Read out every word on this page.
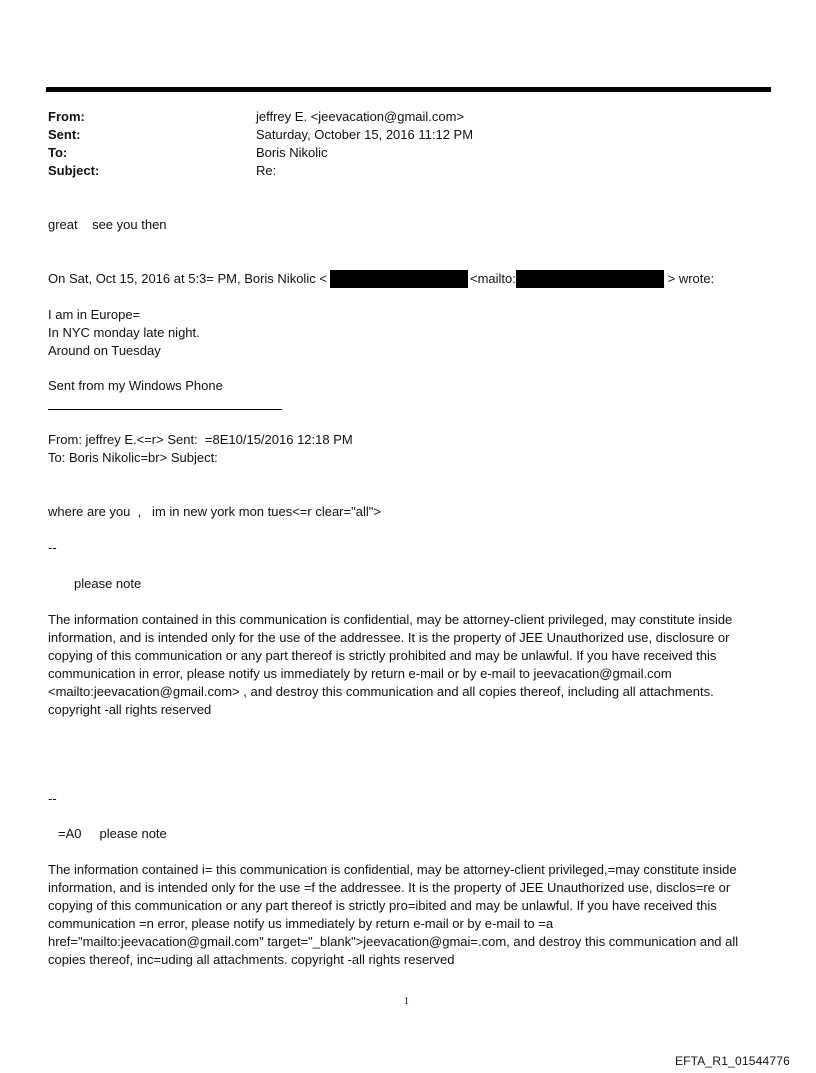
From:	jeffrey E. <jeevacation@gmail.com>
Sent:	Saturday, October 15, 2016 11:12 PM
To:	Boris Nikolic
Subject:	Re:
great    see you then
On Sat, Oct 15, 2016 at 5:3= PM, Boris Nikolic <	<mailto:	> wrote:
I am in Europe=
In NYC monday late night.
Around on Tuesday
Sent from my Windows Phone
From: jeffrey E.<=r> Sent:  =8E10/15/2016 12:18 PM
To: Boris Nikolic=br> Subject:
where are you  ,   im in new york mon tues<=r clear="all">
--
please note
The information contained in this communication is confidential, may be attorney-client privileged, may constitute inside information, and is intended only for the use of the addressee. It is the property of JEE Unauthorized use, disclosure or copying of this communication or any part thereof is strictly prohibited and may be unlawful. If you have received this communication in error, please notify us immediately by return e-mail or by e-mail to jeevacation@gmail.com <mailto:jeevacation@gmail.com> , and destroy this communication and all copies thereof, including all attachments. copyright -all rights reserved
--
=A0     please note
The information contained i= this communication is confidential, may be attorney-client privileged,=may constitute inside information, and is intended only for the use =f the addressee. It is the property of JEE Unauthorized use, disclos=re or copying of this communication or any part thereof is strictly pro=ibited and may be unlawful. If you have received this communication =n error, please notify us immediately by return e-mail or by e-mail to =a href="mailto:jeevacation@gmail.com" target="_blank">jeevacation@gmai=.com, and destroy this communication and all copies thereof, inc=uding all attachments. copyright -all rights reserved
1
EFTA_R1_01544776
